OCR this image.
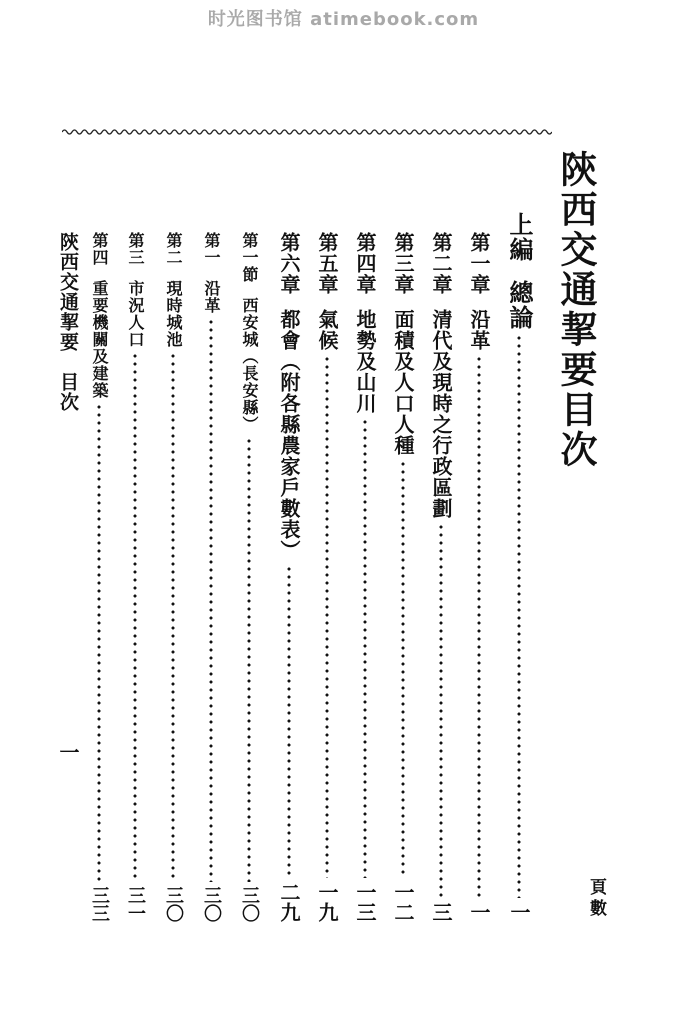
时光图书馆 atimebook.com
陝西交通挈要目次
頁數
上編
總論
一
第一章
沿革
一
第二章
清代及現時之行政區劃
三
第三章
面積及人口人種
一二
第四章
地勢及山川
一三
第五章
氣候
一九
第六章
都會
（附各縣農家戶數表）
二九
第一節
西安城
（長安縣）
三〇
第一
沿革
三〇
第二
現時城池
三〇
第三
市況人口
三一
第四
重要機關及建築
三三
陝西交通挈要　目次
一
